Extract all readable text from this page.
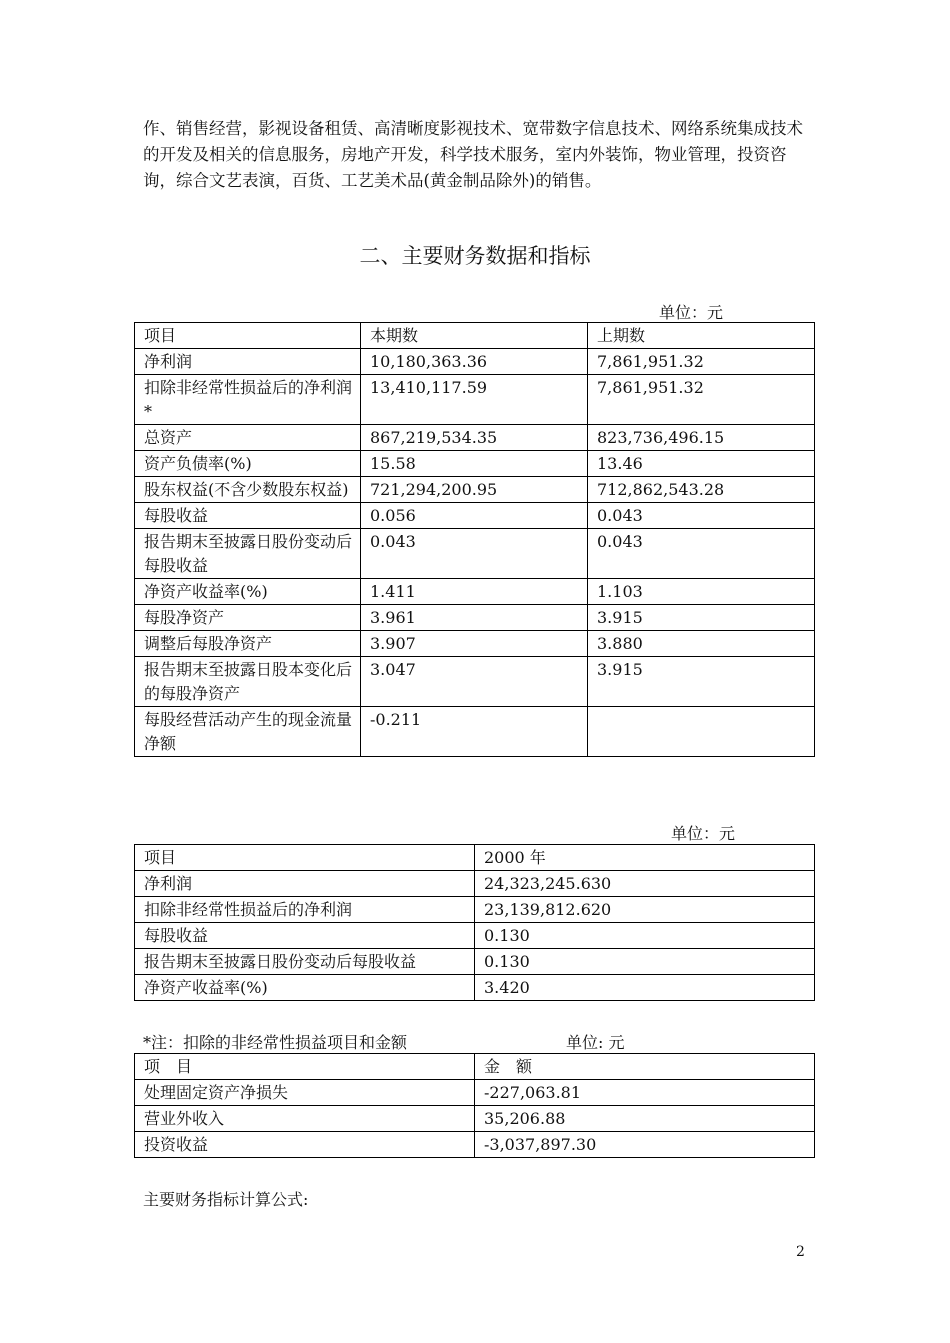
作、销售经营，影视设备租赁、高清晰度影视技术、宽带数字信息技术、网络系统集成技术的开发及相关的信息服务，房地产开发，科学技术服务，室内外装饰，物业管理，投资咨询，综合文艺表演，百货、工艺美术品(黄金制品除外)的销售。

二、主要财务数据和指标
单位：元
项目	本期数	上期数
净利润	10,180,363.36	7,861,951.32
扣除非经常性损益后的净利润*	13,410,117.59	7,861,951.32
总资产	867,219,534.35	823,736,496.15
资产负债率(%)	15.58	13.46
股东权益(不含少数股东权益)	721,294,200.95	712,862,543.28
每股收益	0.056	0.043
报告期末至披露日股份变动后每股收益	0.043	0.043
净资产收益率(%)	1.411	1.103
每股净资产	3.961	3.915
调整后每股净资产	3.907	3.880
报告期末至披露日股本变化后的每股净资产	3.047	3.915
每股经营活动产生的现金流量净额	-0.211	
单位：元
项目	2000 年
净利润	24,323,245.630
扣除非经常性损益后的净利润	23,139,812.620
每股收益	0.130
报告期末至披露日股份变动后每股收益	0.130
净资产收益率(%)	3.420
*注：扣除的非经常性损益项目和金额	单位: 元
项　目	金　额
处理固定资产净损失	-227,063.81
营业外收入	35,206.88
投资收益	-3,037,897.30
主要财务指标计算公式:
2
